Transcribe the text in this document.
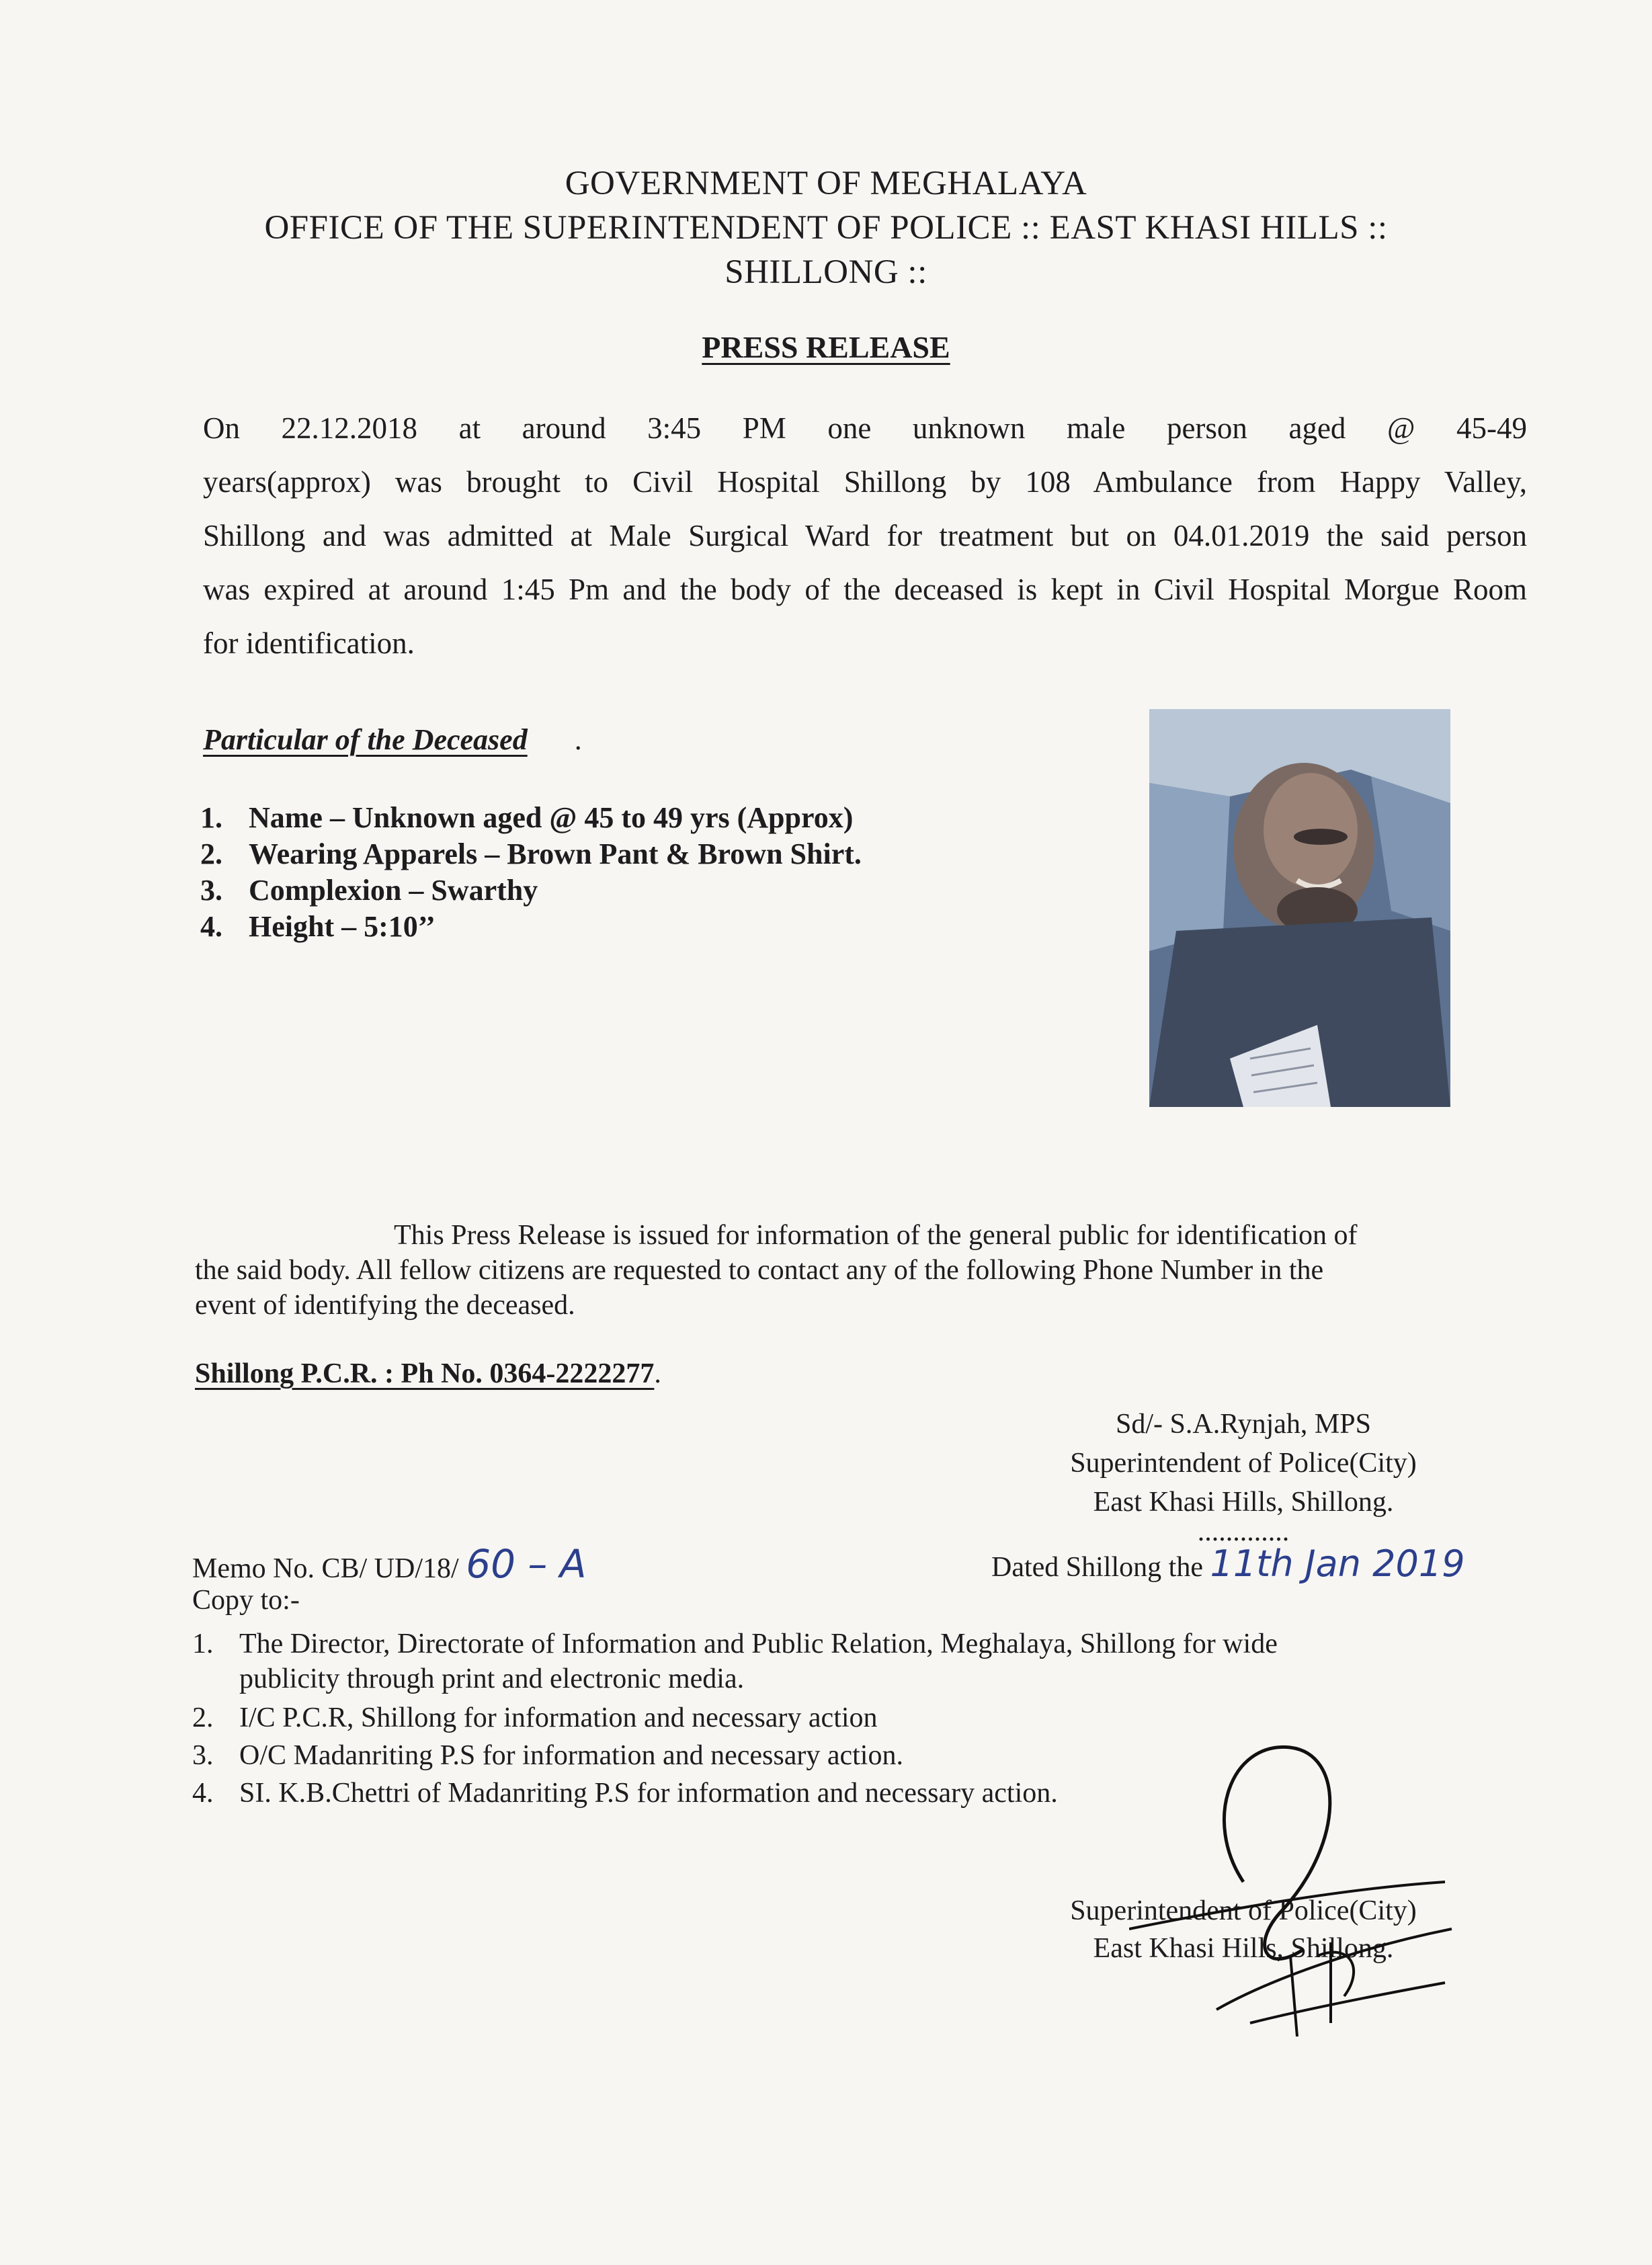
GOVERNMENT OF MEGHALAYA
OFFICE OF THE SUPERINTENDENT OF POLICE :: EAST KHASI HILLS ::
SHILLONG ::
PRESS RELEASE
On 22.12.2018 at around 3:45 PM one unknown male person aged @ 45-49
years(approx) was brought to Civil Hospital Shillong by 108 Ambulance from Happy Valley,
Shillong and was admitted at Male Surgical Ward for treatment but on 04.01.2019 the said person
was expired at around 1:45 Pm and the body of the deceased is kept in Civil Hospital Morgue Room
for identification.
Particular of the Deceased .
1. Name – Unknown aged @ 45 to 49 yrs (Approx)
2. Wearing Apparels – Brown Pant & Brown Shirt.
3. Complexion – Swarthy
4. Height – 5:10’’
This Press Release is issued for information of the general public for identification of
the said body. All fellow citizens are requested to contact any of the following Phone Number in the
event of identifying the deceased.
Shillong P.C.R. : Ph No. 0364-2222277.
Sd/- S.A.Rynjah, MPS
Superintendent of Police(City)
East Khasi Hills, Shillong.
.............
Memo No. CB/ UD/18/ 60 – A	Dated Shillong the 11th Jan 2019
Copy to:-
1. The Director, Directorate of Information and Public Relation, Meghalaya, Shillong for wide
publicity through print and electronic media.
2. I/C P.C.R, Shillong for information and necessary action
3. O/C Madanriting P.S for information and necessary action.
4. SI. K.B.Chettri of Madanriting P.S for information and necessary action.
Superintendent of Police(City)
East Khasi Hills, Shillong.
